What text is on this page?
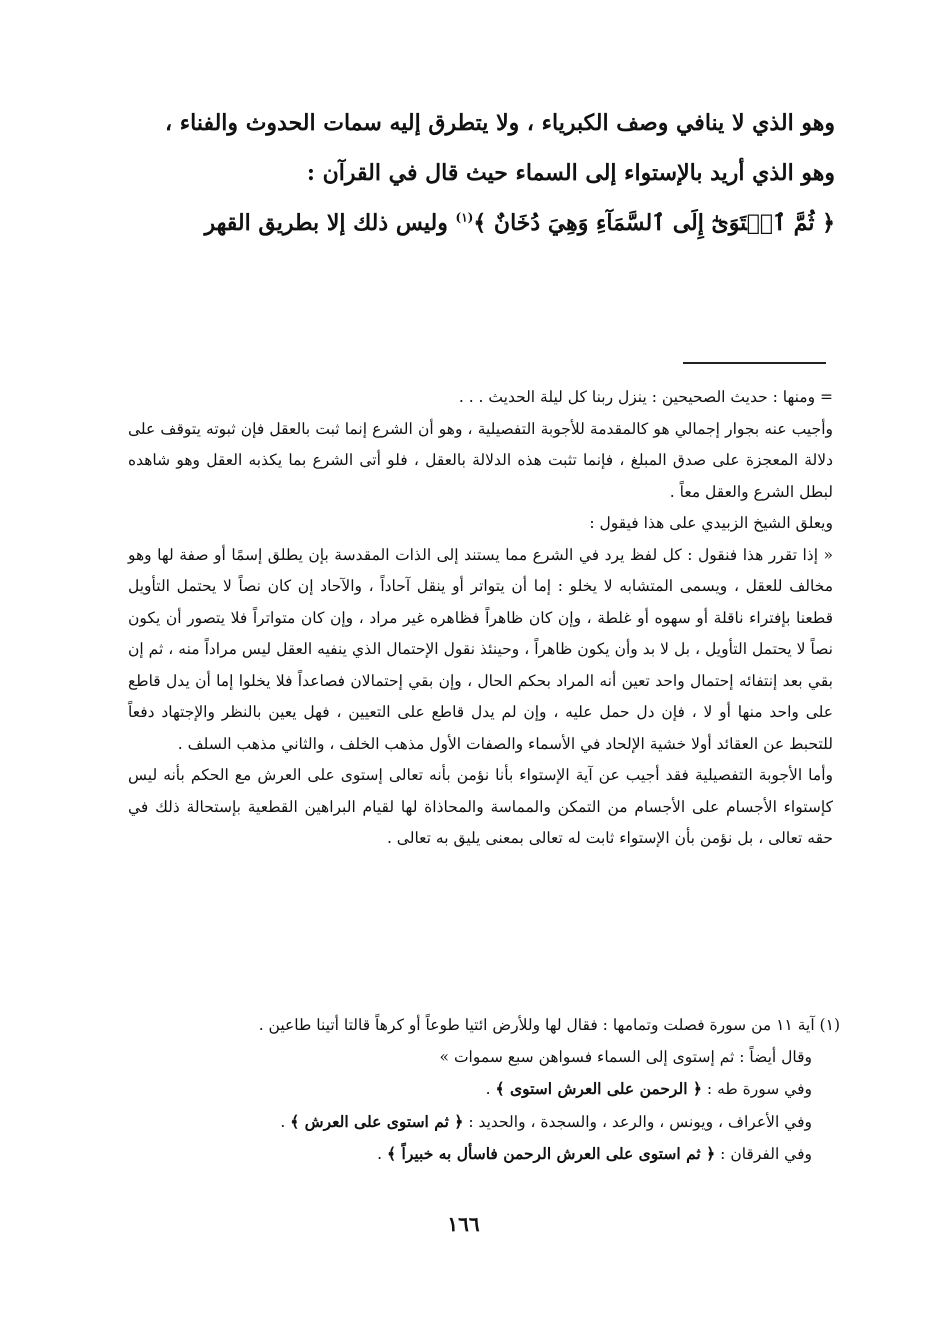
وهو الذي لا ينافي وصف الكبرياء ، ولا يتطرق إليه سمات الحدوث والفناء ،

وهو الذي أريد بالإستواء إلى السماء حيث قال في القرآن :

﴿ ثُمَّ ٱسۡتَوَىٰٓ إِلَى ٱلسَّمَآءِ وَهِيَ دُخَانٌ ﴾$^{(١)}$ وليس ذلك إلا بطريق القهر

= ومنها : حديث الصحيحين : ينزل ربنا كل ليلة الحديث . . .

وأجيب عنه بجوار إجمالي هو كالمقدمة للأجوبة التفصيلية ، وهو أن الشرع إنما ثبت بالعقل فإن ثبوته يتوقف على دلالة المعجزة على صدق المبلغ ، فإنما تثبت هذه الدلالة بالعقل ، فلو أتى الشرع بما يكذبه العقل وهو شاهده لبطل الشرع والعقل معاً .

ويعلق الشيخ الزبيدي على هذا فيقول :

« إذا تقرر هذا فنقول : كل لفظ يرد في الشرع مما يستند إلى الذات المقدسة بإن يطلق إسمًا أو صفة لها وهو مخالف للعقل ، ويسمى المتشابه لا يخلو : إما أن يتواتر أو ينقل آحاداً ، والآحاد إن كان نصاً لا يحتمل التأويل قطعنا بإفتراء ناقلة أو سهوه أو غلطة ، وإن كان ظاهراً فظاهره غير مراد ، وإن كان متواتراً فلا يتصور أن يكون نصاً لا يحتمل التأويل ، بل لا بد وأن يكون ظاهراً ، وحينئذ نقول الإحتمال الذي ينفيه العقل ليس مراداً منه ، ثم إن بقي بعد إنتفائه إحتمال واحد تعين أنه المراد بحكم الحال ، وإن بقي إحتمالان فصاعداً فلا يخلوا إما أن يدل قاطع على واحد منها أو لا ، فإن دل حمل عليه ، وإن لم يدل قاطع على التعيين ، فهل يعين بالنظر والإجتهاد دفعاً للتحبط عن العقائد أولا خشية الإلحاد في الأسماء والصفات الأول مذهب الخلف ، والثاني مذهب السلف .

وأما الأجوبة التفصيلية فقد أجيب عن آية الإستواء بأنا نؤمن بأنه تعالى إستوى على العرش مع الحكم بأنه ليس كإستواء الأجسام على الأجسام من التمكن والمماسة والمحاذاة لها لقيام البراهين القطعية بإستحالة ذلك في حقه تعالى ، بل نؤمن بأن الإستواء ثابت له تعالى بمعنى يليق به تعالى .

(١) آية ١١ من سورة فصلت وتمامها : فقال لها وللأرض ائتيا طوعاً أو كرهاً قالتا أتينا طاعين .

وقال أيضاً : ثم إستوى إلى السماء فسواهن سبع سموات »

وفي سورة طه : ﴿ الرحمن على العرش استوى ﴾ .

وفي الأعراف ، ويونس ، والرعد ، والسجدة ، والحديد : ﴿ ثم استوى على العرش ﴾ .

وفي الفرقان : ﴿ ثم استوى على العرش الرحمن فاسأل به خبيراً ﴾ .

١٦٦
